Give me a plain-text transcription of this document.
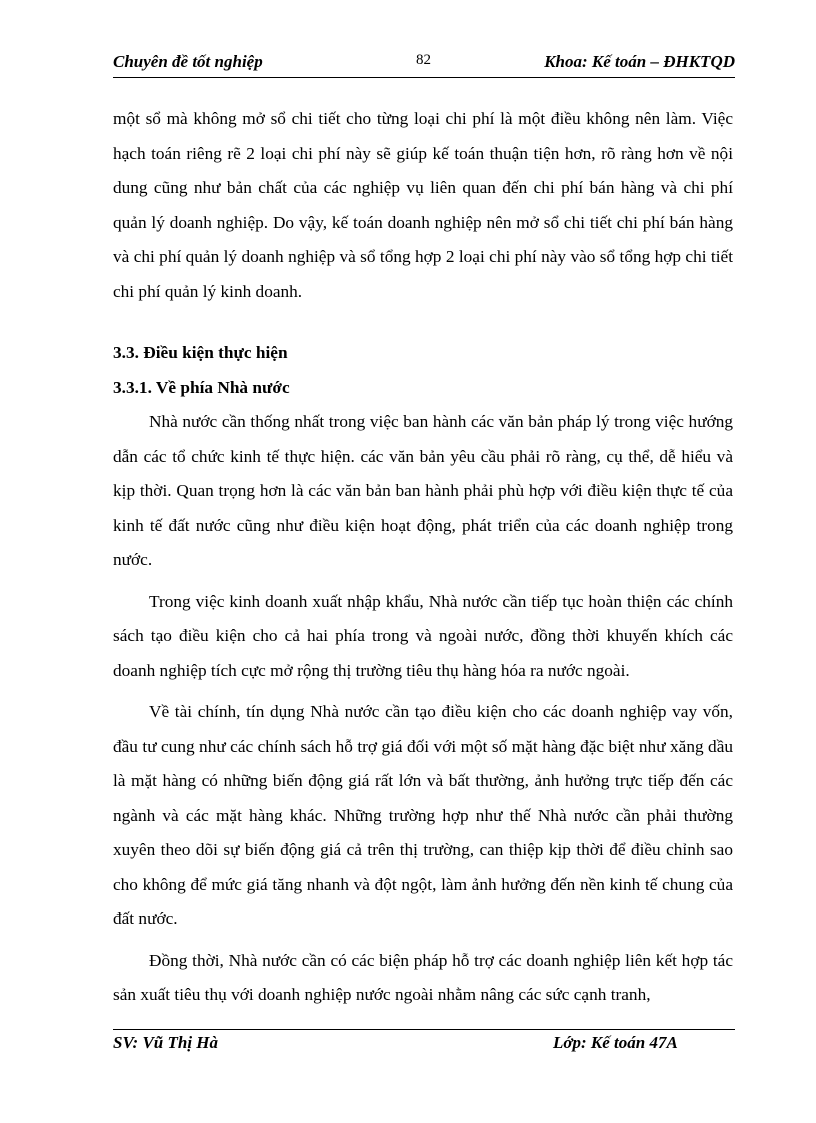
Chuyên đề tốt nghiệp	82	Khoa: Kế toán – ĐHKTQD

một sổ mà không mở sổ chi tiết cho từng loại chi phí là một điều không nên làm. Việc hạch toán riêng rẽ 2 loại chi phí này sẽ giúp kế toán thuận tiện hơn, rõ ràng hơn về nội dung cũng như bản chất của các nghiệp vụ liên quan đến chi phí bán hàng và chi phí quản lý doanh nghiệp. Do vậy, kế toán doanh nghiệp nên mở sổ chi tiết chi phí bán hàng và chi phí quản lý doanh nghiệp và sổ tổng hợp 2 loại chi phí này vào sổ tổng hợp chi tiết chi phí quản lý kinh doanh.

3.3. Điều kiện thực hiện
3.3.1. Về phía Nhà nước

Nhà nước cần thống nhất trong việc ban hành các văn bản pháp lý trong việc hướng dẫn các tổ chức kinh tế thực hiện. các văn bản yêu cầu phải rõ ràng, cụ thể, dễ hiểu và kịp thời. Quan trọng hơn là các văn bản ban hành phải phù hợp với điều kiện thực tế của kinh tế đất nước cũng như điều kiện hoạt động, phát triển của các doanh nghiệp trong nước.

Trong việc kinh doanh xuất nhập khẩu, Nhà nước cần tiếp tục hoàn thiện các chính sách tạo điều kiện cho cả hai phía trong và ngoài nước, đồng thời khuyến khích các doanh nghiệp tích cực mở rộng thị trường tiêu thụ hàng hóa ra nước ngoài.

Về tài chính, tín dụng Nhà nước cần tạo điều kiện cho các doanh nghiệp vay vốn, đầu tư cung như các chính sách hỗ trợ giá đối với một số mặt hàng đặc biệt như xăng dầu là mặt hàng có những biến động giá rất lớn và bất thường, ảnh hưởng trực tiếp đến các ngành và các mặt hàng khác. Những trường hợp như thế Nhà nước cần phải thường xuyên theo dõi sự biến động giá cả trên thị trường, can thiệp kịp thời để điều chỉnh sao cho không để mức giá tăng nhanh và đột ngột, làm ảnh hưởng đến nền kinh tế chung của đất nước.

Đồng thời, Nhà nước cần có các biện pháp hỗ trợ các doanh nghiệp liên kết hợp tác sản xuất tiêu thụ với doanh nghiệp nước ngoài nhằm nâng các sức cạnh tranh,

SV: Vũ Thị Hà	Lớp: Kế toán 47A
